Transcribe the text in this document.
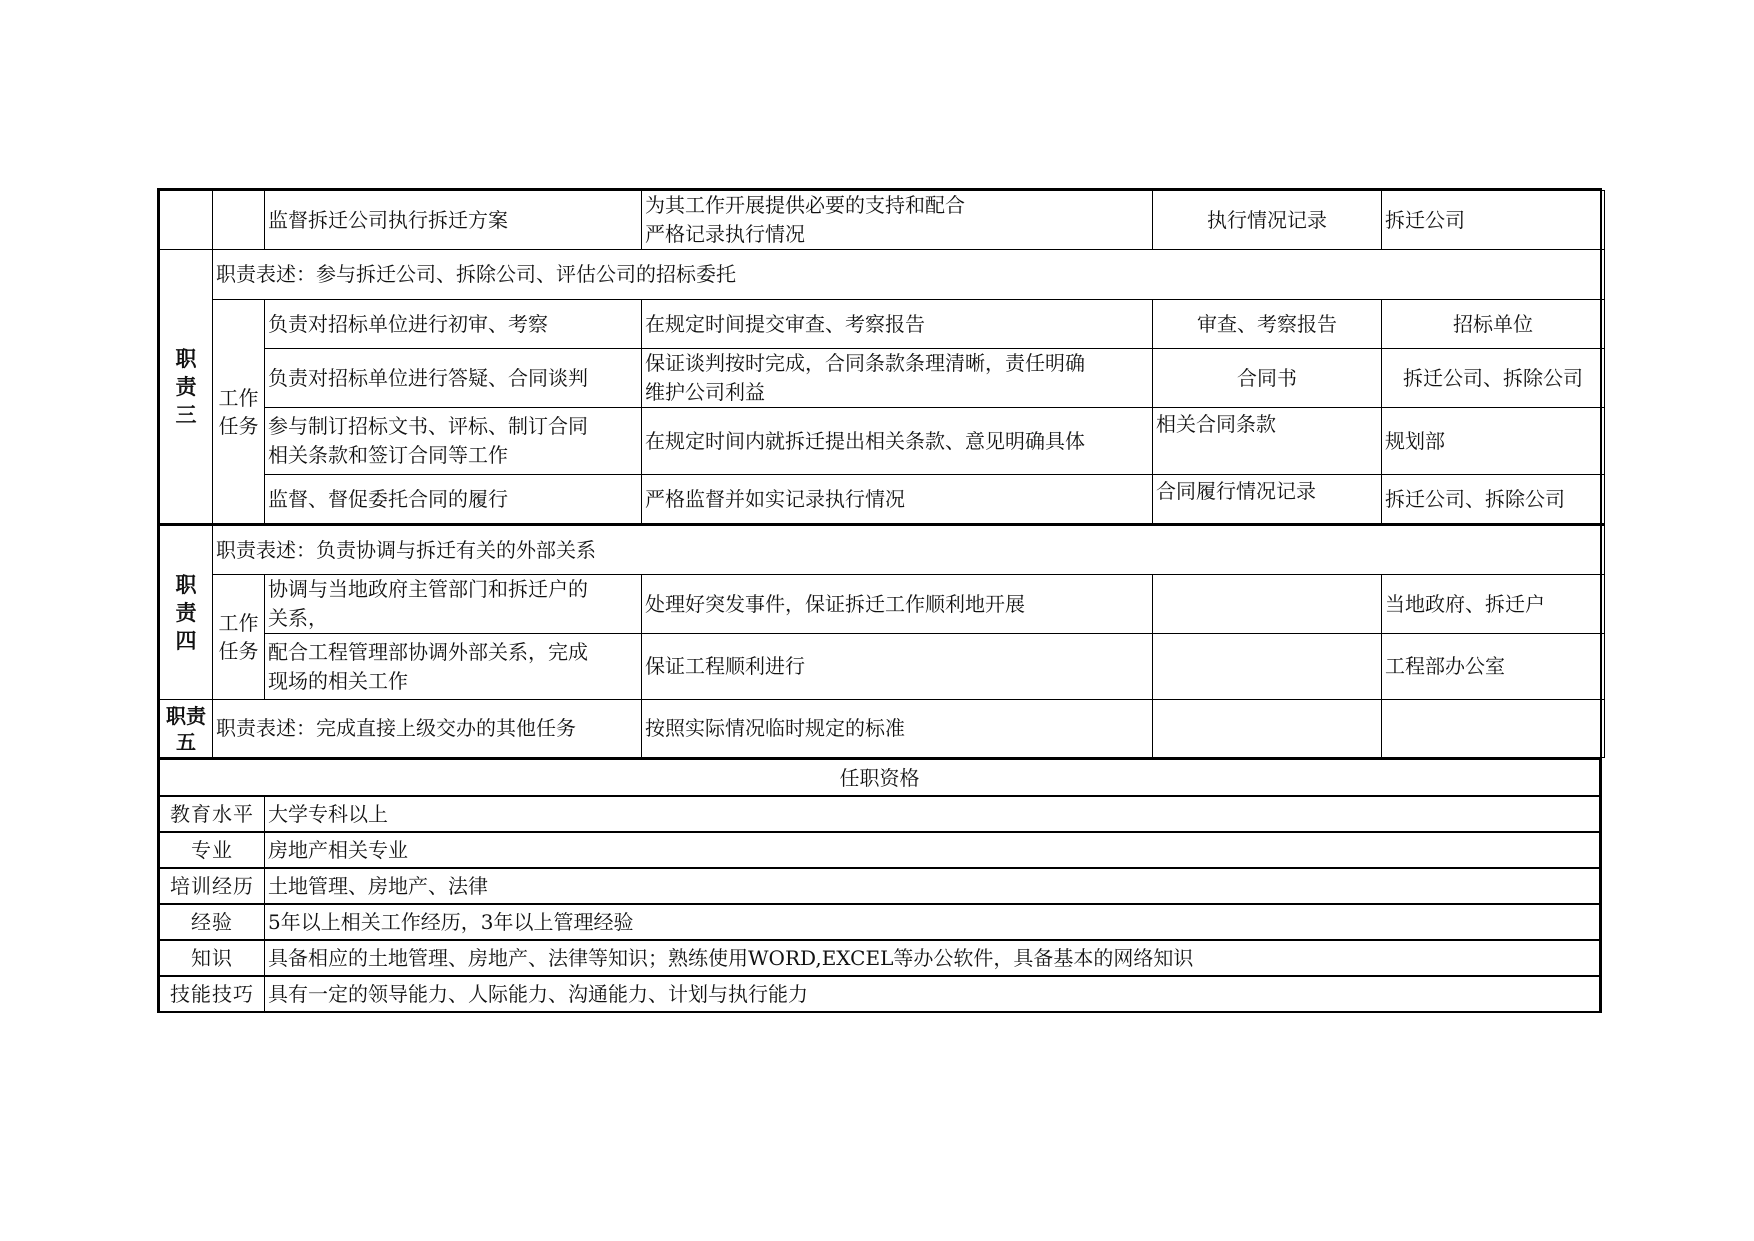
		监督拆迁公司执行拆迁方案	为其工作开展提供必要的支持和配合
严格记录执行情况	执行情况记录	拆迁公司

职
责
三	职责表述：参与拆迁公司、拆除公司、评估公司的招标委托				

	工作
任务	负责对招标单位进行初审、考察	在规定时间提交审查、考察报告	审查、考察报告	招标单位
		负责对招标单位进行答疑、合同谈判	保证谈判按时完成，合同条款条理清晰，责任明确
维护公司利益	合同书	拆迁公司、拆除公司

		参与制订招标文书、评标、制订合同
相关条款和签订合同等工作	在规定时间内就拆迁提出相关条款、意见明确具体	相关合同条款	规划部
		监督、督促委托合同的履行	严格监督并如实记录执行情况	合同履行情况记录	拆迁公司、拆除公司

职
责
四	职责表述：负责协调与拆迁有关的外部关系				

	工作
任务	协调与当地政府主管部门和拆迁户的
关系，	处理好突发事件，保证拆迁工作顺利地开展		当地政府、拆迁户

		配合工程管理部协调外部关系，完成
现场的相关工作	保证工程顺利进行		工程部办公室

职责
五	职责表述：完成直接上级交办的其他任务		按照实际情况临时规定的标准		
任职资格	
教育水平	大学专科以上
专业	房地产相关专业
培训经历	土地管理、房地产、法律
经验	5年以上相关工作经历，3年以上管理经验
知识	具备相应的土地管理、房地产、法律等知识；熟练使用WORD,EXCEL等办公软件，具备基本的网络知识
技能技巧	具有一定的领导能力、人际能力、沟通能力、计划与执行能力
